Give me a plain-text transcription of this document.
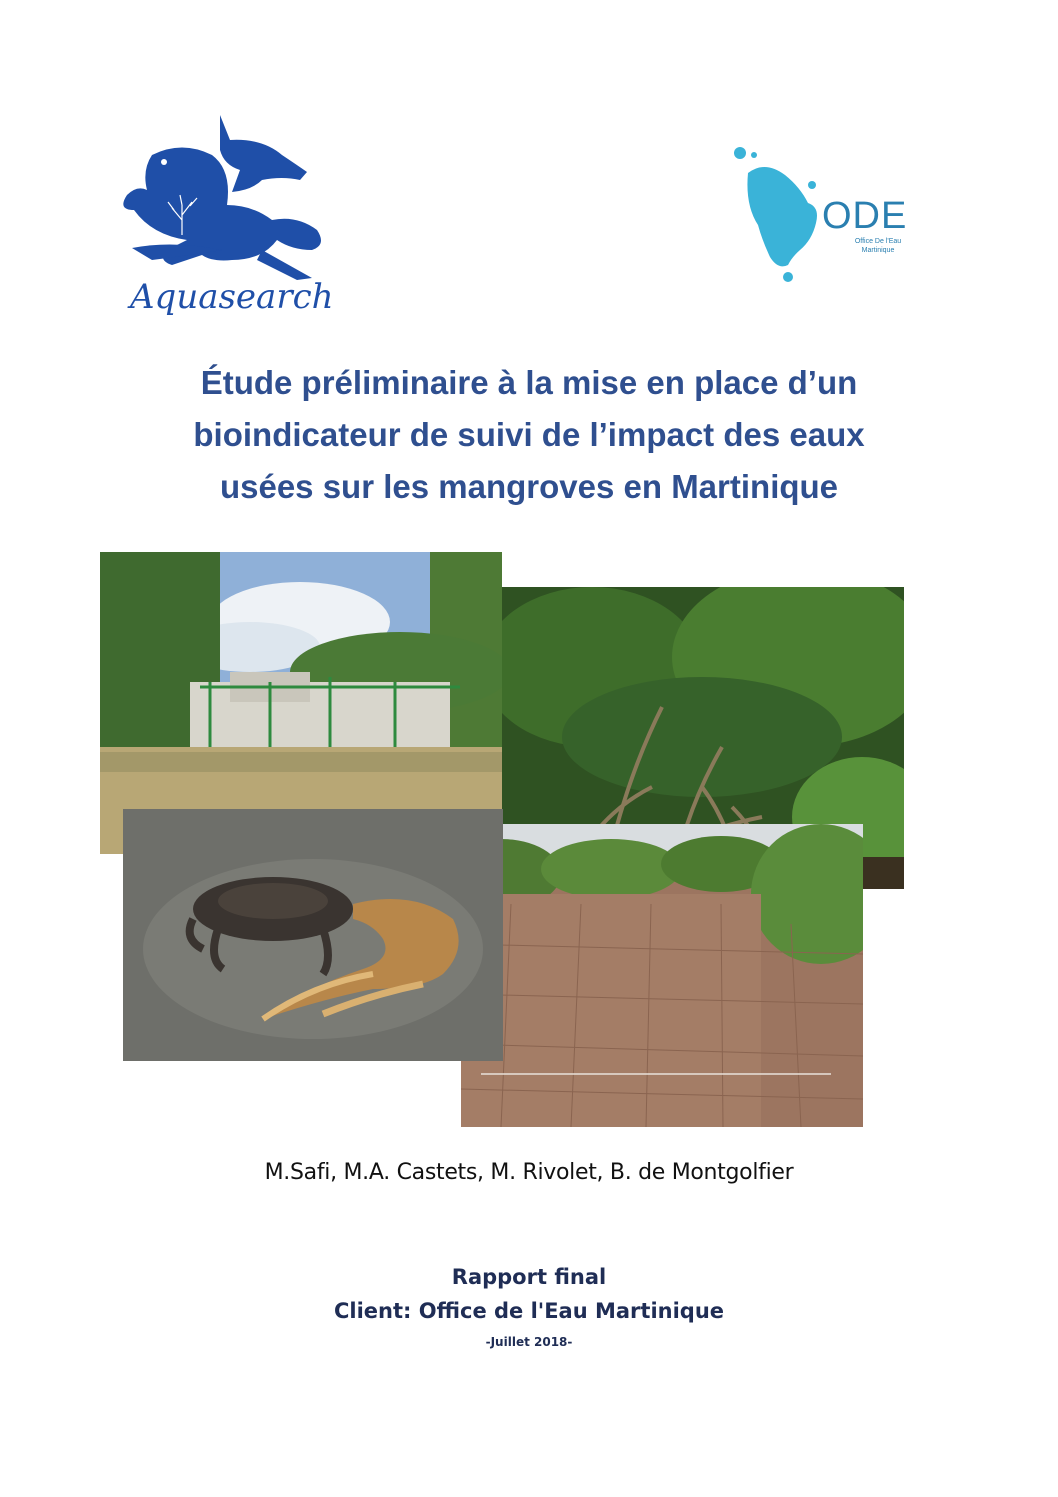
Aquasearch
ODE
Office De l'Eau
Martinique
Étude préliminaire à la mise en place d’un
bioindicateur de suivi de l’impact des eaux
usées sur les mangroves en Martinique
M.Safi, M.A. Castets, M. Rivolet, B. de Montgolfier
Rapport final
Client: Office de l'Eau Martinique
-Juillet 2018-
